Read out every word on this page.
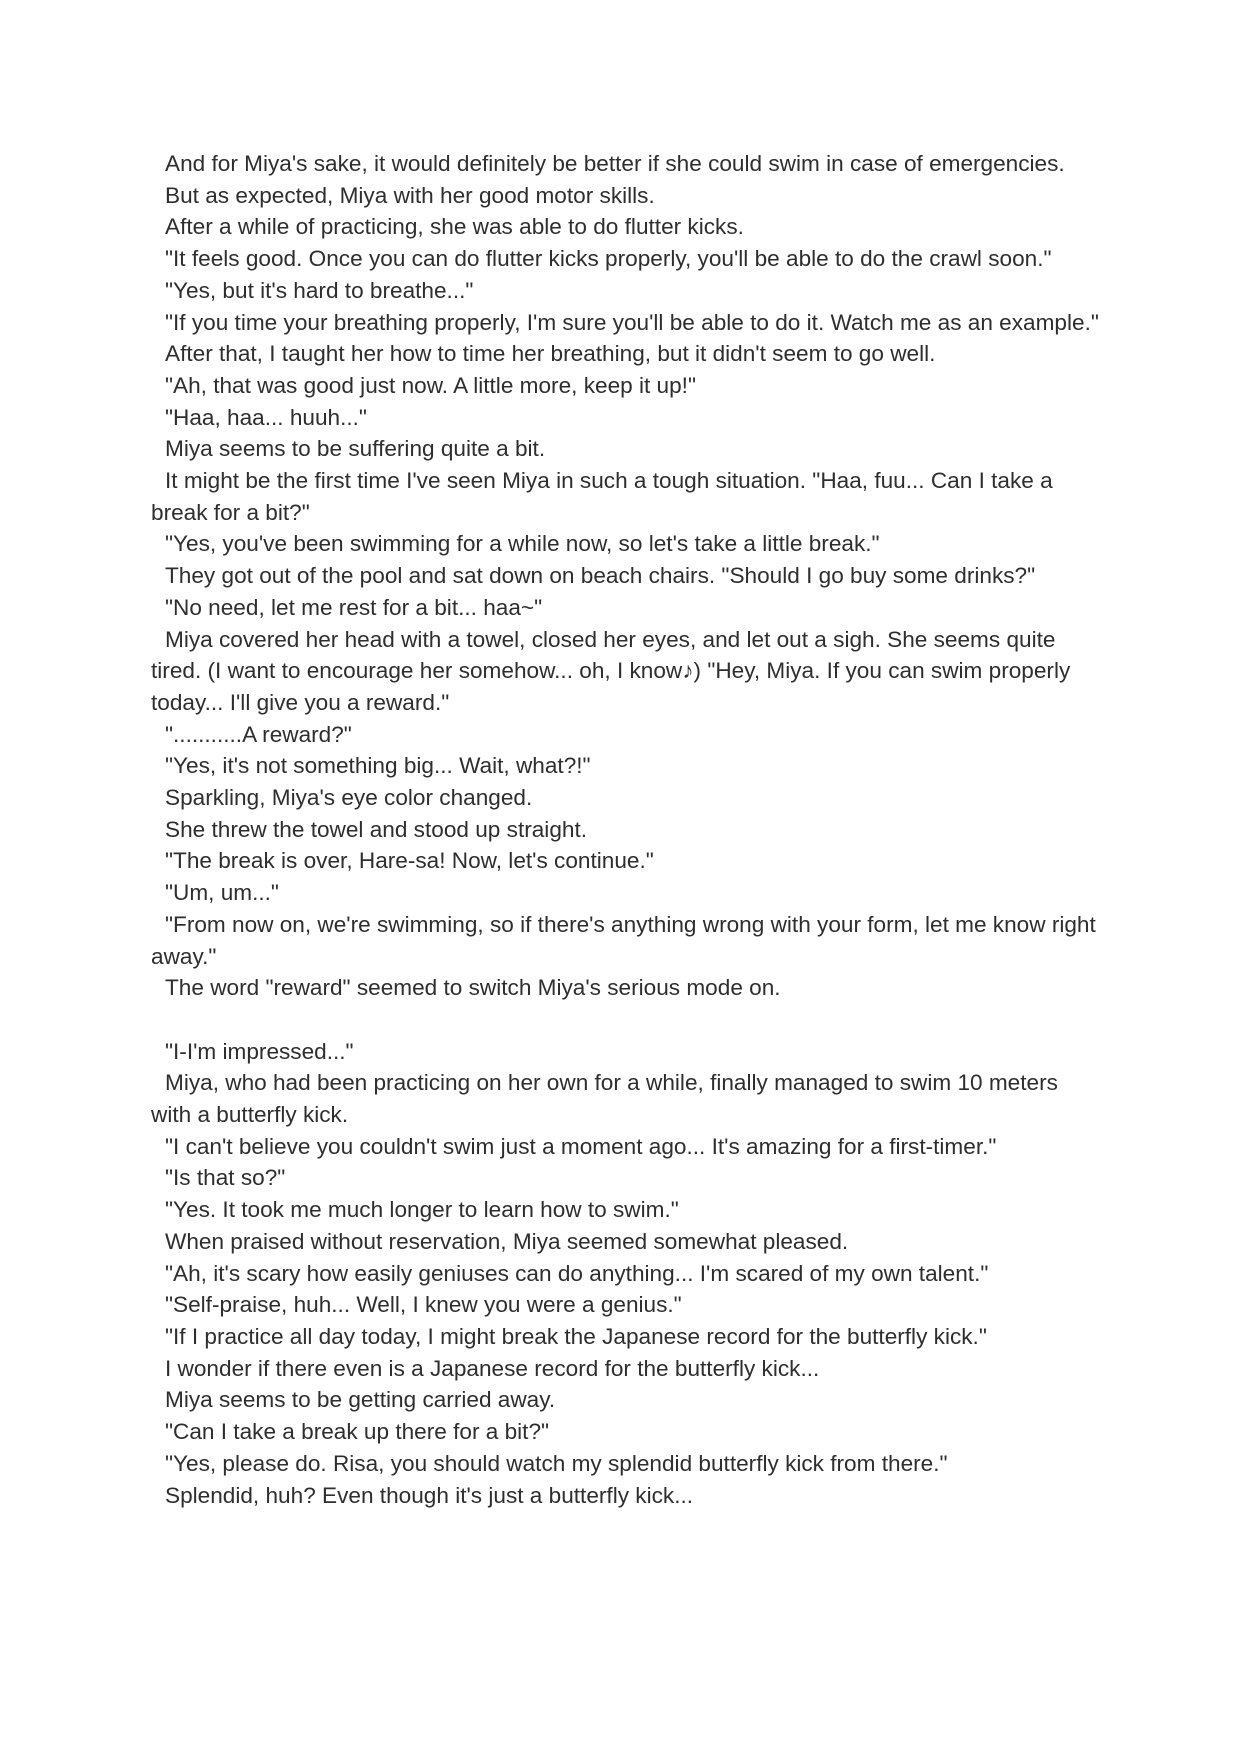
And for Miya's sake, it would definitely be better if she could swim in case of emergencies.

But as expected, Miya with her good motor skills.

After a while of practicing, she was able to do flutter kicks.

"It feels good. Once you can do flutter kicks properly, you'll be able to do the crawl soon."

"Yes, but it's hard to breathe..."

"If you time your breathing properly, I'm sure you'll be able to do it. Watch me as an example."

After that, I taught her how to time her breathing, but it didn't seem to go well.

"Ah, that was good just now. A little more, keep it up!"

"Haa, haa... huuh..."

Miya seems to be suffering quite a bit.

It might be the first time I've seen Miya in such a tough situation. "Haa, fuu... Can I take a break for a bit?"

"Yes, you've been swimming for a while now, so let's take a little break."

They got out of the pool and sat down on beach chairs. "Should I go buy some drinks?"

"No need, let me rest for a bit... haa~"

Miya covered her head with a towel, closed her eyes, and let out a sigh. She seems quite tired. (I want to encourage her somehow... oh, I know♪) "Hey, Miya. If you can swim properly today... I'll give you a reward."

"...........A reward?"

"Yes, it's not something big... Wait, what?!"

Sparkling, Miya's eye color changed.

She threw the towel and stood up straight.

"The break is over, Hare-sa! Now, let's continue."

"Um, um..."

"From now on, we're swimming, so if there's anything wrong with your form, let me know right away."

The word "reward" seemed to switch Miya's serious mode on.

"I-I'm impressed..."

Miya, who had been practicing on her own for a while, finally managed to swim 10 meters with a butterfly kick.

"I can't believe you couldn't swim just a moment ago... It's amazing for a first-timer."

"Is that so?"

"Yes. It took me much longer to learn how to swim."

When praised without reservation, Miya seemed somewhat pleased.

"Ah, it's scary how easily geniuses can do anything... I'm scared of my own talent."

"Self-praise, huh... Well, I knew you were a genius."

"If I practice all day today, I might break the Japanese record for the butterfly kick."

I wonder if there even is a Japanese record for the butterfly kick...

Miya seems to be getting carried away.

"Can I take a break up there for a bit?"

"Yes, please do. Risa, you should watch my splendid butterfly kick from there."

Splendid, huh? Even though it's just a butterfly kick...
